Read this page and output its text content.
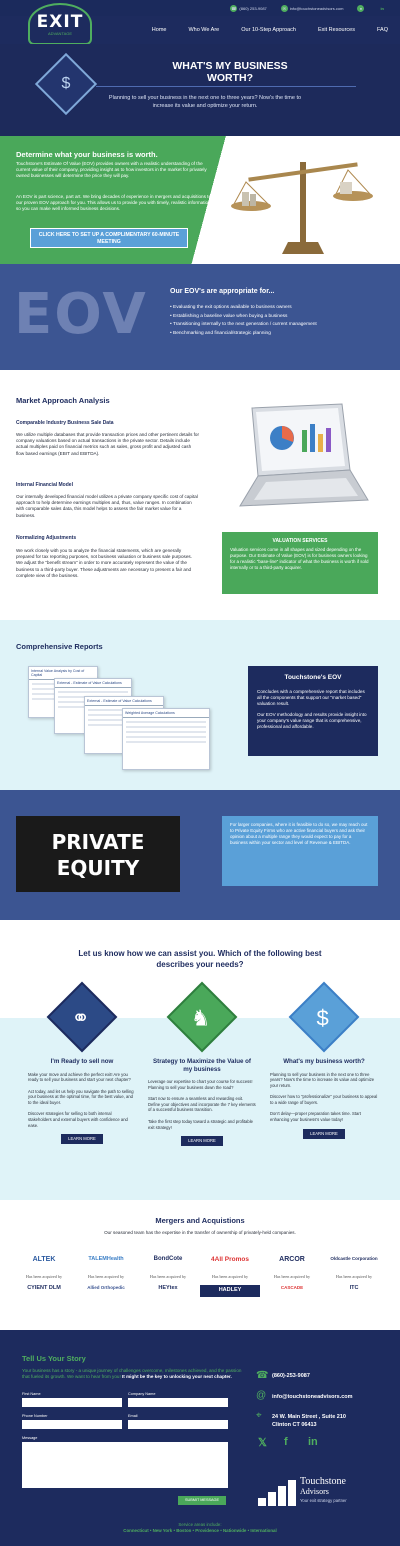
☎ (860) 253-9087	✉ info@touchstoneadvisors.com	●	in
Home	Who We Are	Our 10-Step Approach	Exit Resources	FAQ
EXIT
ADVANTAGE
$
WHAT'S MY BUSINESS WORTH?

Planning to sell your business in the next one to three years? Now's the time to increase its value and optimize your return.

Determine what your business is worth.

Touchstone's Estimate Of Value (EOV) provides owners with a realistic understanding of the current value of their company, providing insight as to how investors in the market for privately owned businesses will determine the price they will pay.

An EOV is part science, part art. We bring decades of experience in mergers and acquisitions to our proven EOV approach for you. This allows us to provide you with timely, realistic information so you can make well informed business decisions.

CLICK HERE TO SET UP A COMPLIMENTARY 60-MINUTE MEETING
EOV	Our EOV's are appropriate for...
• Evaluating the exit options available to business owners
• Establishing a baseline value when buying a business
• Transitioning internally to the next generation / current management
• Benchmarking and financial/strategic planning
Market Approach Analysis
Comparable Industry Business Sale Data

We utilize multiple databases that provide transaction prices and other pertinent details for company valuations based on actual transactions in the private sector. Details include actual multiples paid on financial metrics such as sales, gross profit and adjusted cash flow based earnings (EBIT and EBITDA).

Internal Financial Model

Our internally developed financial model utilizes a private company specific cost of capital approach to help determine earnings multiples and, thus, value ranges. In combination with comparable sales data, this model helps to assess the fair market value for a business.

Normalizing Adjustments

We work closely with you to analyze the financial statements, which are generally prepared for tax reporting purposes, not business valuation or business sale purposes. We adjust the "benefit stream" in order to more accurately represent the value of the business to a third-party buyer. These adjustments are necessary to present a fair and complete view of the business.

VALUATION SERVICES
Valuation services come in all shapes and sized depending on the purpose. Our Estimate of Value (EOV) is for business owners looking for a realistic "base-line" indicator of what the business is worth if sold internally or to a third-party acquirer.
Comprehensive Reports
Internal Value Analysis by Cost of Capital
External - Estimate of Value Calculations
External - Estimate of Value Calculations
Weighted Average Calculations
Touchstone's EOV
Concludes with a comprehensive report that includes all the components that support our "market based" valuation result.
Our EOV methodology and results provide insight into your company's value range that is comprehensive, professional and affordable.
PRIVATE
EQUITY
For larger companies, where it is feasible to do so, we may reach out to Private Equity Firms who are active financial buyers and ask their opinion about a multiple range they would expect to pay for a business within your sector and level of Revenue & EBITDA.
Let us know how we can assist you. Which of the following best describes your needs?
⚭
I'm Ready to sell now

Make your move and achieve the perfect exit! Are you ready to sell your business and start your next chapter?

Act today, and let us help you navigate the path to selling your business at the optimal time, for the best value, and to the ideal buyer.

Discover strategies for selling to both internal stakeholders and external buyers with confidence and ease.

LEARN MORE
♞
Strategy to Maximize the Value of my business

Leverage our expertise to chart your course for success! Planning to sell your business down the road?

Start now to ensure a seamless and rewarding exit. Define your objectives and incorporate the 7 key elements of a successful business transition.

Take the first step today toward a strategic and profitable exit strategy!

LEARN MORE
$
What's my business worth?

Planning to sell your business in the next one to three years? Now's the time to increase its value and optimize your return.

Discover how to "professionalize" your business to appeal to a wide range of buyers.

Don't delay—proper preparation takes time. Start enhancing your business's value today!

LEARN MORE
Mergers and Acquistions
Our seasoned team has the expertise in the transfer of ownership of privately-held companies.
ALTEK
Has been acquired by
CYIENT DLM
TALEMHealth
Has been acquired by
Allied Orthopedic
BondCote
Has been acquired by
HEYtex
4All Promos
Has been acquired by
HADLEY
ARCOR
Has been acquired by
CASCADE
Oldcastle Corporation
Has been acquired by
ITC
Tell Us Your Story
Your business has a story - a unique journey of challenges overcome, milestones achieved, and the passion that fueled its growth. We want to hear from you! It might be the key to unlocking your next chapter.
First Name	Company Name
Phone Number	Email
Message
SUBMIT MESSAGE
☎ (860)-253-9087
@ info@touchstoneadvisors.com
⌖ 24 W. Main Street , Suite 210
Clinton CT 06413
𝕏 f in
Touchstone
Advisors
Your exit strategy partner
Service areas include:
Connecticut • New York • Boston • Providence • Nationwide • International
